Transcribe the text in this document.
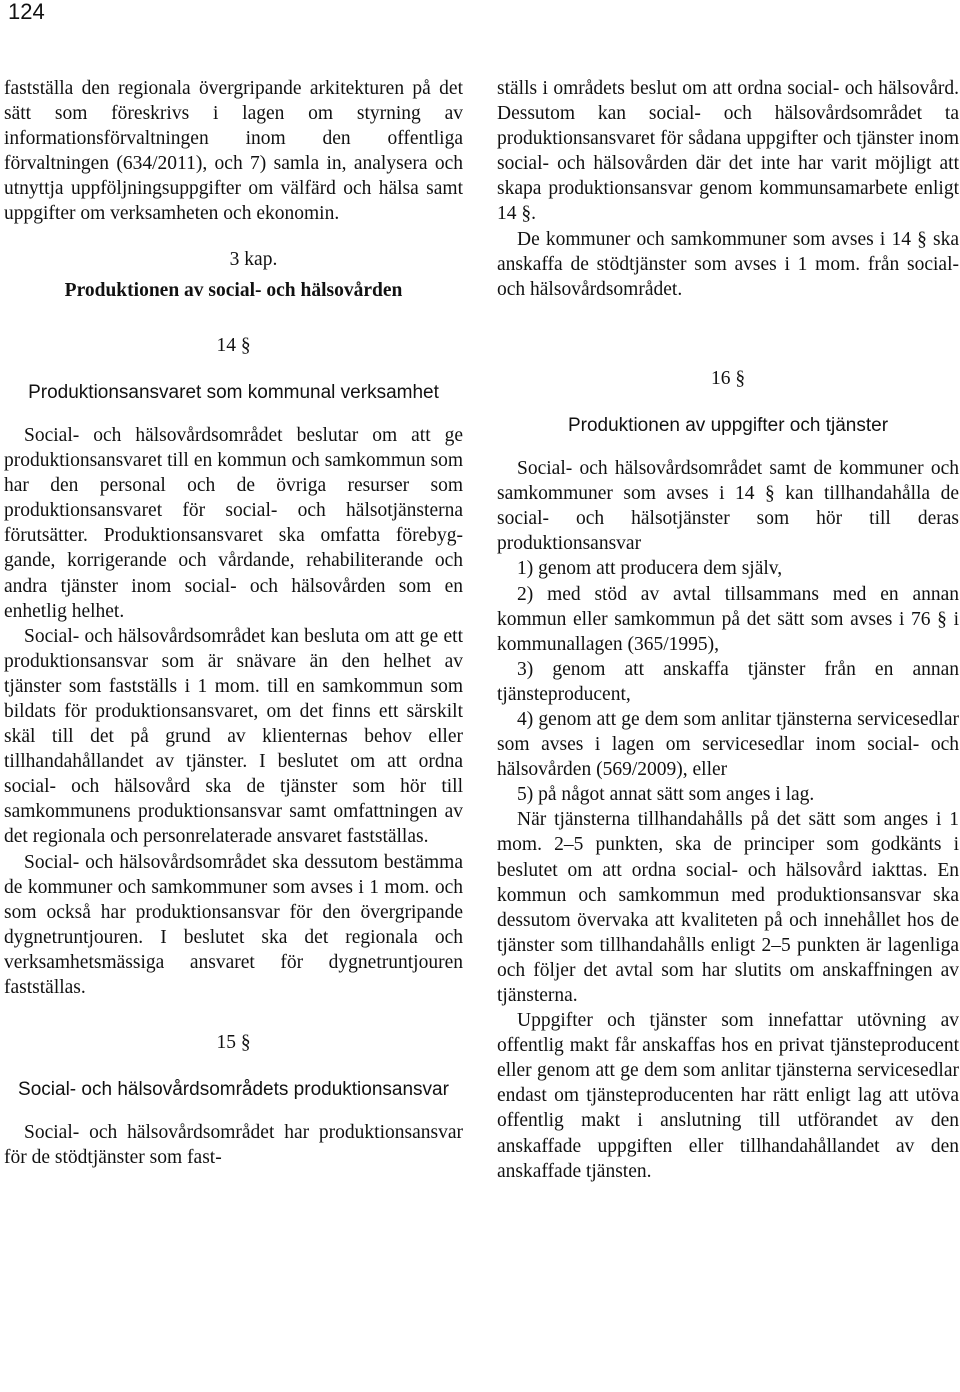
124

fastställa den regionala övergripande arkitekturen på det sätt som föreskrivs i lagen om styrning av informationsförvaltningen inom den offentliga förvaltningen (634/2011), och 7) samla in, analysera och utnyttja uppföljningsuppgifter om välfärd och hälsa samt uppgifter om verksamheten och ekonomin.

3 kap.
Produktionen av social- och hälsovården
14 §
Produktionsansvaret som kommunal verksamhet

Social- och hälsovårdsområdet beslutar om att ge produktionsansvaret till en kommun och samkommun som har den personal och de övriga resurser som produktionsansvaret för social- och hälsotjänsterna förutsätter. Produktionsansvaret ska omfatta förebyggande, korrigerande och vårdande, rehabiliterande och andra tjänster inom social- och hälsovården som en enhetlig helhet.

Social- och hälsovårdsområdet kan besluta om att ge ett produktionsansvar som är snävare än den helhet av tjänster som fastställs i 1 mom. till en samkommun som bildats för produktionsansvaret, om det finns ett särskilt skäl till det på grund av klienternas behov eller tillhandahållandet av tjänster. I beslutet om att ordna social- och hälsovård ska de tjänster som hör till samkommunens produktionsansvar samt omfattningen av det regionala och personrelaterade ansvaret fastställas.

Social- och hälsovårdsområdet ska dessutom bestämma de kommuner och samkommuner som avses i 1 mom. och som också har produktionsansvar för den övergripande dygnetruntjouren. I beslutet ska det regionala och verksamhetsmässiga ansvaret för dygnetruntjouren fastställas.

15 §
Social- och hälsovårdsområdets produktionsansvar

Social- och hälsovårdsområdet har produktionsansvar för de stödtjänster som fast-

ställs i områdets beslut om att ordna social- och hälsovård. Dessutom kan social- och hälsovårdsområdet ta produktionsansvaret för sådana uppgifter och tjänster inom social- och hälsovården där det inte har varit möjligt att skapa produktionsansvar genom kommunsamarbete enligt 14 §.

De kommuner och samkommuner som avses i 14 § ska anskaffa de stödtjänster som avses i 1 mom. från social- och hälsovårdsområdet.

16 §
Produktionen av uppgifter och tjänster

Social- och hälsovårdsområdet samt de kommuner och samkommuner som avses i 14 § kan tillhandahålla de social- och hälsotjänster som hör till deras produktionsansvar

1) genom att producera dem själv,

2) med stöd av avtal tillsammans med en annan kommun eller samkommun på det sätt som avses i 76 § i kommunallagen (365/1995),

3) genom att anskaffa tjänster från en annan tjänsteproducent,

4) genom att ge dem som anlitar tjänsterna servicesedlar som avses i lagen om servicesedlar inom social- och hälsovården (569/2009), eller

5) på något annat sätt som anges i lag.

När tjänsterna tillhandahålls på det sätt som anges i 1 mom. 2–5 punkten, ska de principer som godkänts i beslutet om att ordna social- och hälsovård iakttas. En kommun och samkommun med produktionsansvar ska dessutom övervaka att kvaliteten på och innehållet hos de tjänster som tillhandahålls enligt 2–5 punkten är lagenliga och följer det avtal som har slutits om anskaffningen av tjänsterna.

Uppgifter och tjänster som innefattar utövning av offentlig makt får anskaffas hos en privat tjänsteproducent eller genom att ge dem som anlitar tjänsterna servicesedlar endast om tjänsteproducenten har rätt enligt lag att utöva offentlig makt i anslutning till utförandet av den anskaffade uppgiften eller tillhandahållandet av den anskaffade tjänsten.
